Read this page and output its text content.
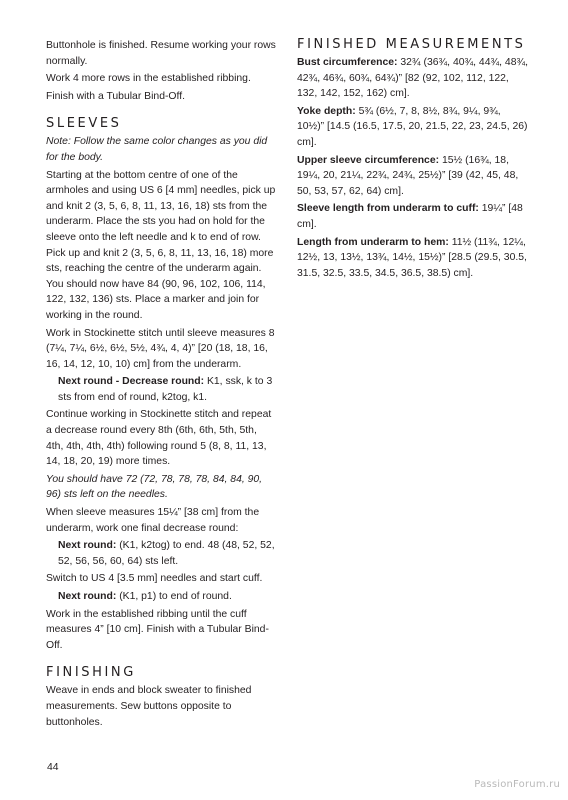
Buttonhole is finished. Resume working your rows normally.

Work 4 more rows in the established ribbing.

Finish with a Tubular Bind-Off.

SLEEVES

Note: Follow the same color changes as you did for the body.

Starting at the bottom centre of one of the armholes and using US 6 [4 mm] needles, pick up and knit 2 (3, 5, 6, 8, 11, 13, 16, 18) sts from the underarm. Place the sts you had on hold for the sleeve onto the left needle and k to end of row. Pick up and knit 2 (3, 5, 6, 8, 11, 13, 16, 18) more sts, reaching the centre of the underarm again. You should now have 84 (90, 96, 102, 106, 114, 122, 132, 136) sts. Place a marker and join for working in the round.

Work in Stockinette stitch until sleeve measures 8 (7¼, 7¼, 6½, 6½, 5½, 4¾, 4, 4)” [20 (18, 18, 16, 16, 14, 12, 10, 10) cm] from the underarm.

Next round - Decrease round: K1, ssk, k to 3 sts from end of round, k2tog, k1.

Continue working in Stockinette stitch and repeat a decrease round every 8th (6th, 6th, 5th, 5th, 4th, 4th, 4th, 4th) following round 5 (8, 8, 11, 13, 14, 18, 20, 19) more times.

You should have 72 (72, 78, 78, 78, 84, 84, 90, 96) sts left on the needles.

When sleeve measures 15¼” [38 cm] from the underarm, work one final decrease round:

Next round: (K1, k2tog) to end. 48 (48, 52, 52, 52, 56, 56, 60, 64) sts left.

Switch to US 4 [3.5 mm] needles and start cuff.

Next round: (K1, p1) to end of round.

Work in the established ribbing until the cuff measures 4” [10 cm]. Finish with a Tubular Bind-Off.

FINISHING

Weave in ends and block sweater to finished measurements. Sew buttons opposite to buttonholes.

FINISHED MEASUREMENTS

Bust circumference: 32¾ (36¾, 40¾, 44¾, 48¾, 42¾, 46¾, 60¾, 64¾)” [82 (92, 102, 112, 122, 132, 142, 152, 162) cm].

Yoke depth: 5¾ (6½, 7, 8, 8½, 8¾, 9¼, 9¾, 10½)” [14.5 (16.5, 17.5, 20, 21.5, 22, 23, 24.5, 26) cm].

Upper sleeve circumference: 15½ (16¾, 18, 19¼, 20, 21¼, 22¾, 24¾, 25½)” [39 (42, 45, 48, 50, 53, 57, 62, 64) cm].

Sleeve length from underarm to cuff: 19¼” [48 cm].

Length from underarm to hem: 11½ (11¾, 12¼, 12½, 13, 13½, 13¾, 14½, 15½)” [28.5 (29.5, 30.5, 31.5, 32.5, 33.5, 34.5, 36.5, 38.5) cm].

44
PassionForum.ru
